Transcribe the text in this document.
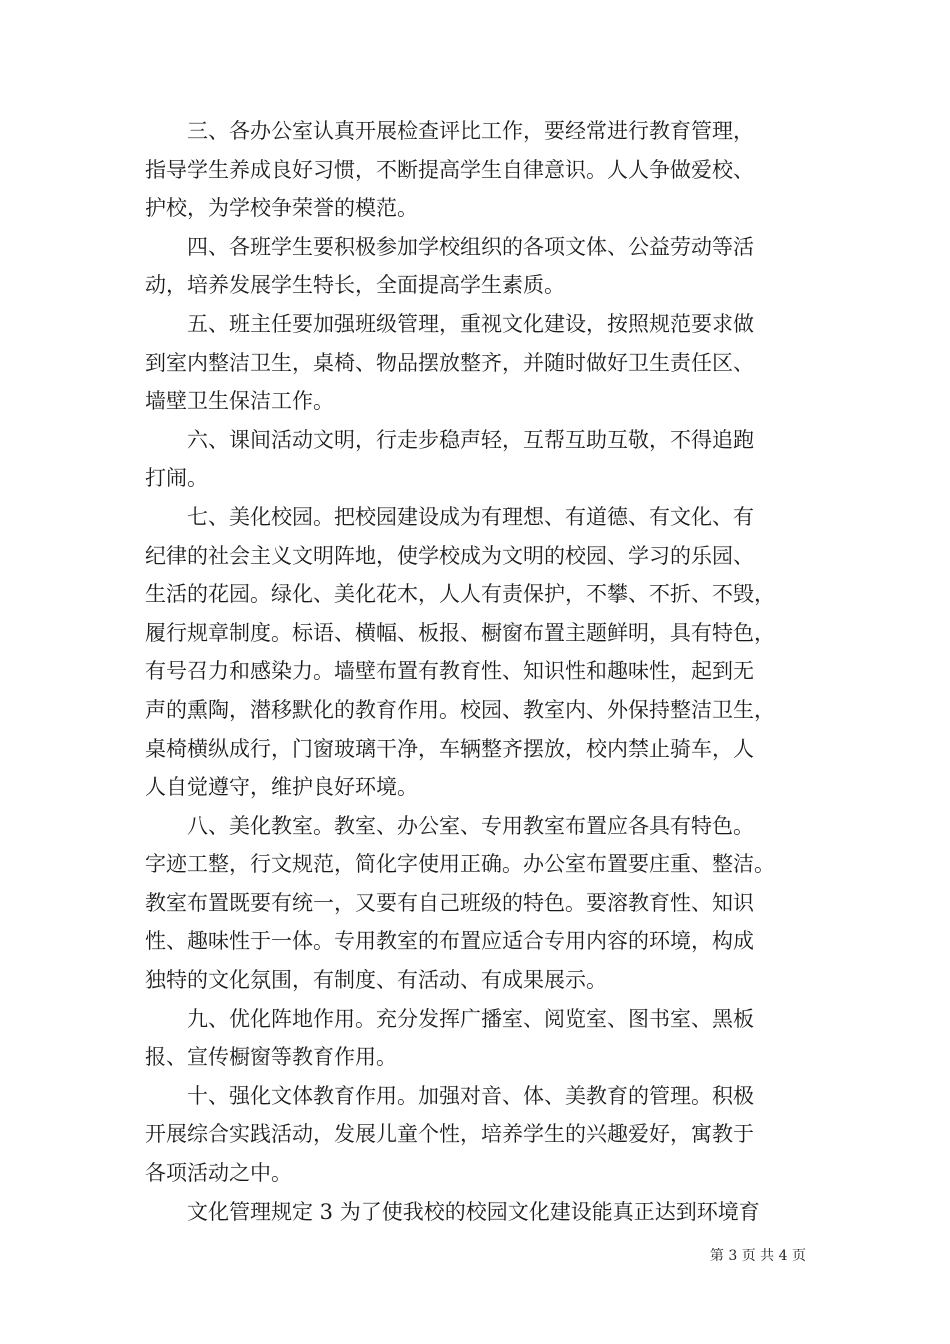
三、各办公室认真开展检查评比工作，要经常进行教育管理，
指导学生养成良好习惯，不断提高学生自律意识。人人争做爱校、
护校，为学校争荣誉的模范。
四、各班学生要积极参加学校组织的各项文体、公益劳动等活
动，培养发展学生特长，全面提高学生素质。
五、班主任要加强班级管理，重视文化建设，按照规范要求做
到室内整洁卫生，桌椅、物品摆放整齐，并随时做好卫生责任区、
墙壁卫生保洁工作。
六、课间活动文明，行走步稳声轻，互帮互助互敬，不得追跑
打闹。
七、美化校园。把校园建设成为有理想、有道德、有文化、有
纪律的社会主义文明阵地，使学校成为文明的校园、学习的乐园、
生活的花园。绿化、美化花木，人人有责保护，不攀、不折、不毁，
履行规章制度。标语、横幅、板报、橱窗布置主题鲜明，具有特色，
有号召力和感染力。墙壁布置有教育性、知识性和趣味性，起到无
声的熏陶，潜移默化的教育作用。校园、教室内、外保持整洁卫生，
桌椅横纵成行，门窗玻璃干净，车辆整齐摆放，校内禁止骑车，人
人自觉遵守，维护良好环境。
八、美化教室。教室、办公室、专用教室布置应各具有特色。
字迹工整，行文规范，简化字使用正确。办公室布置要庄重、整洁。
教室布置既要有统一，又要有自己班级的特色。要溶教育性、知识
性、趣味性于一体。专用教室的布置应适合专用内容的环境，构成
独特的文化氛围，有制度、有活动、有成果展示。
九、优化阵地作用。充分发挥广播室、阅览室、图书室、黑板
报、宣传橱窗等教育作用。
十、强化文体教育作用。加强对音、体、美教育的管理。积极
开展综合实践活动，发展儿童个性，培养学生的兴趣爱好，寓教于
各项活动之中。
文化管理规定 3 为了使我校的校园文化建设能真正达到环境育
第 3 页 共 4 页
